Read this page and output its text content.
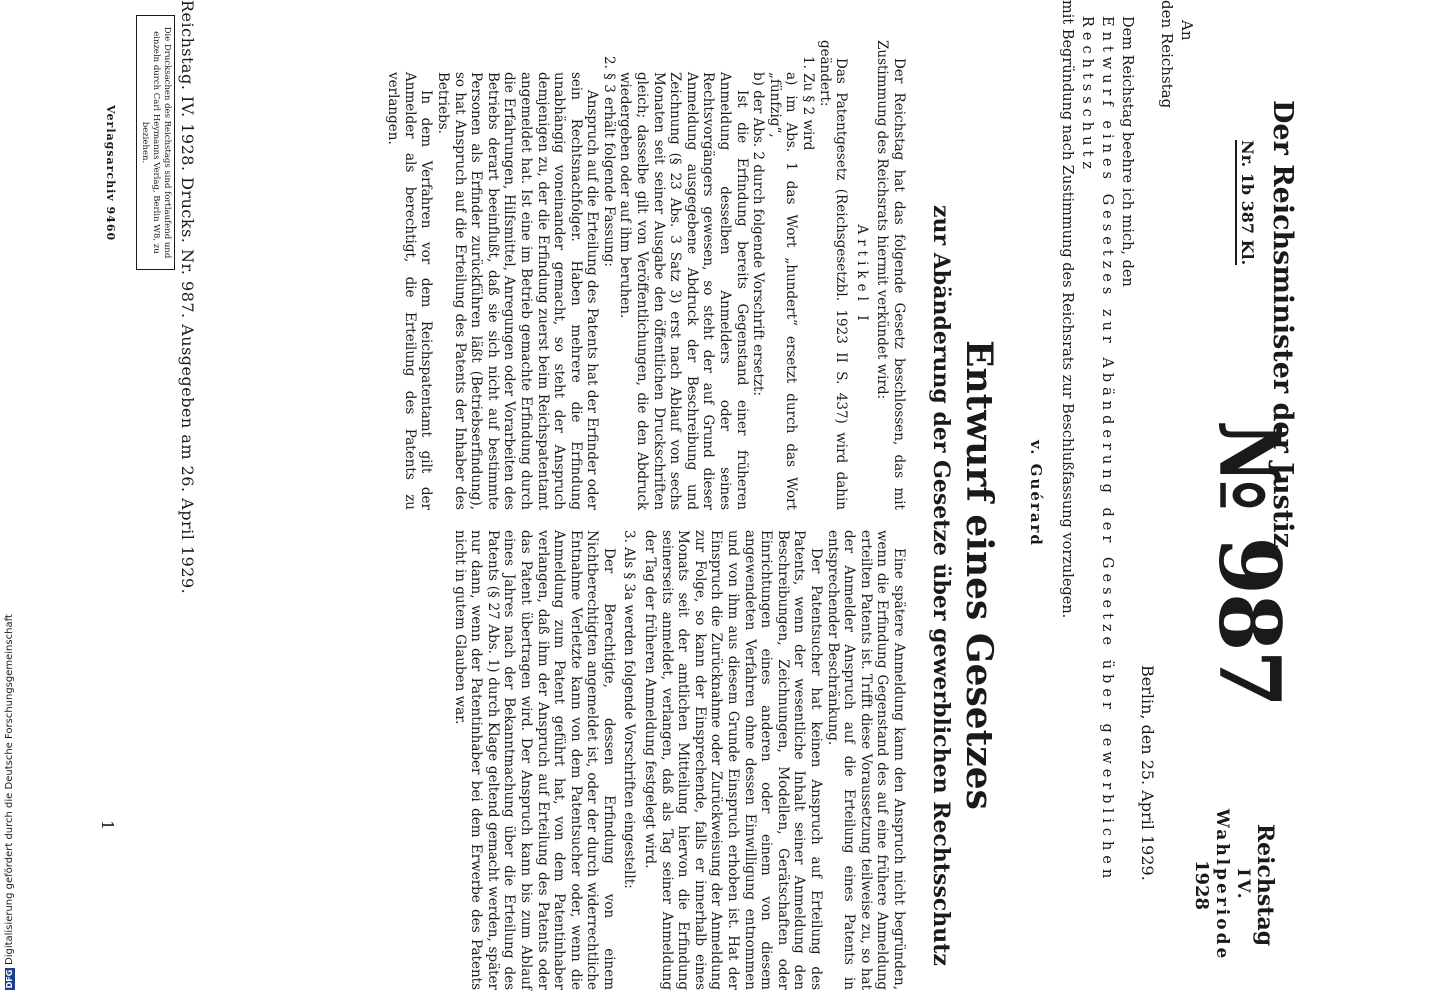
№ 987
Reichstag
IV. Wahlperiode
1928
Der Reichsminister der Justiz
Nr. 1b 387 Kl.
An
den Reichstag
Berlin, den 25. April 1929.
Dem Reichstag beehre ich mich, den
Entwurf eines Gesetzes zur Abänderung der Gesetze über gewerblichen
Rechtsschutz
mit Begründung nach Zustimmung des Reichsrats zur Beschlußfassung vorzulegen.
v. Guérard
Entwurf eines Gesetzes
zur Abänderung der Gesetze über gewerblichen Rechtsschutz

Der Reichstag hat das folgende Gesetz beschlossen, das mit Zustimmung des Reichsrats hiermit verkündet wird:

Artikel I

Das Patentgesetz (Reichsgesetzbl. 1923 II S. 437) wird dahin geändert:

1. Zu § 2 wird

a) im Abs. 1 das Wort „hundert“ ersetzt durch das Wort „fünfzig“,

b) der Abs. 2 durch folgende Vorschrift ersetzt:

Ist die Erfindung bereits Gegenstand einer früheren Anmeldung desselben Anmelders oder seines Rechtsvorgängers gewesen, so steht der auf Grund dieser Anmeldung ausgegebene Abdruck der Beschreibung und Zeichnung (§ 23 Abs. 3 Satz 3) erst nach Ablauf von sechs Monaten seit seiner Ausgabe den öffentlichen Druckschriften gleich; dasselbe gilt von Veröffentlichungen, die den Abdruck wiedergeben oder auf ihm beruhen.

2. § 3 erhält folgende Fassung:

Anspruch auf die Erteilung des Patents hat der Erfinder oder sein Rechtsnachfolger. Haben mehrere die Erfindung unabhängig voneinander gemacht, so steht der Anspruch demjenigen zu, der die Erfindung zuerst beim Reichspatentamt angemeldet hat. Ist eine im Betrieb gemachte Erfindung durch die Erfahrungen, Hilfsmittel, Anregungen oder Vorarbeiten des Betriebs derart beeinflußt, daß sie sich nicht auf bestimmte Personen als Erfinder zurückführen läßt (Betriebserfindung), so hat Anspruch auf die Erteilung des Patents der Inhaber des Betriebs.

In dem Verfahren vor dem Reichspatentamt gilt der Anmelder als berechtigt, die Erteilung des Patents zu verlangen.

Eine spätere Anmeldung kann den Anspruch nicht begründen, wenn die Erfindung Gegenstand des auf eine frühere Anmeldung erteilten Patents ist. Trifft diese Voraussetzung teilweise zu, so hat der Anmelder Anspruch auf die Erteilung eines Patents in entsprechender Beschränkung.

Der Patentsucher hat keinen Anspruch auf Erteilung des Patents, wenn der wesentliche Inhalt seiner Anmeldung den Beschreibungen, Zeichnungen, Modellen, Gerätschaften oder Einrichtungen eines anderen oder einem von diesem angewendeten Verfahren ohne dessen Einwilligung entnommen und von ihm aus diesem Grunde Einspruch erhoben ist. Hat der Einspruch die Zurücknahme oder Zurückweisung der Anmeldung zur Folge, so kann der Einsprechende, falls er innerhalb eines Monats seit der amtlichen Mitteilung hiervon die Erfindung seinerseits anmeldet, verlangen, daß als Tag seiner Anmeldung der Tag der früheren Anmeldung festgelegt wird.

3. Als § 3a werden folgende Vorschriften eingestellt:

Der Berechtigte, dessen Erfindung von einem Nichtberechtigten angemeldet ist, oder der durch widerrechtliche Entnahme Verletzte kann von dem Patentsucher oder, wenn die Anmeldung zum Patent geführt hat, von dem Patentinhaber verlangen, daß ihm der Anspruch auf Erteilung des Patents oder das Patent übertragen wird. Der Anspruch kann bis zum Ablauf eines Jahres nach der Bekanntmachung über die Erteilung des Patents (§ 27 Abs. 1) durch Klage geltend gemacht werden, später nur dann, wenn der Patentinhaber bei dem Erwerbe des Patents nicht in gutem Glauben war.

Reichstag. IV. 1928. Drucks. Nr. 987. Ausgegeben am 26. April 1929.
Die Drucksachen des Reichstags sind fortlaufend und einzeln durch Carl Heymanns Verlag, Berlin W8, zu beziehen.
Verlagsarchiv 9460
1
DFG
Digitalisierung gefördert durch die Deutsche Forschungsgemeinschaft
